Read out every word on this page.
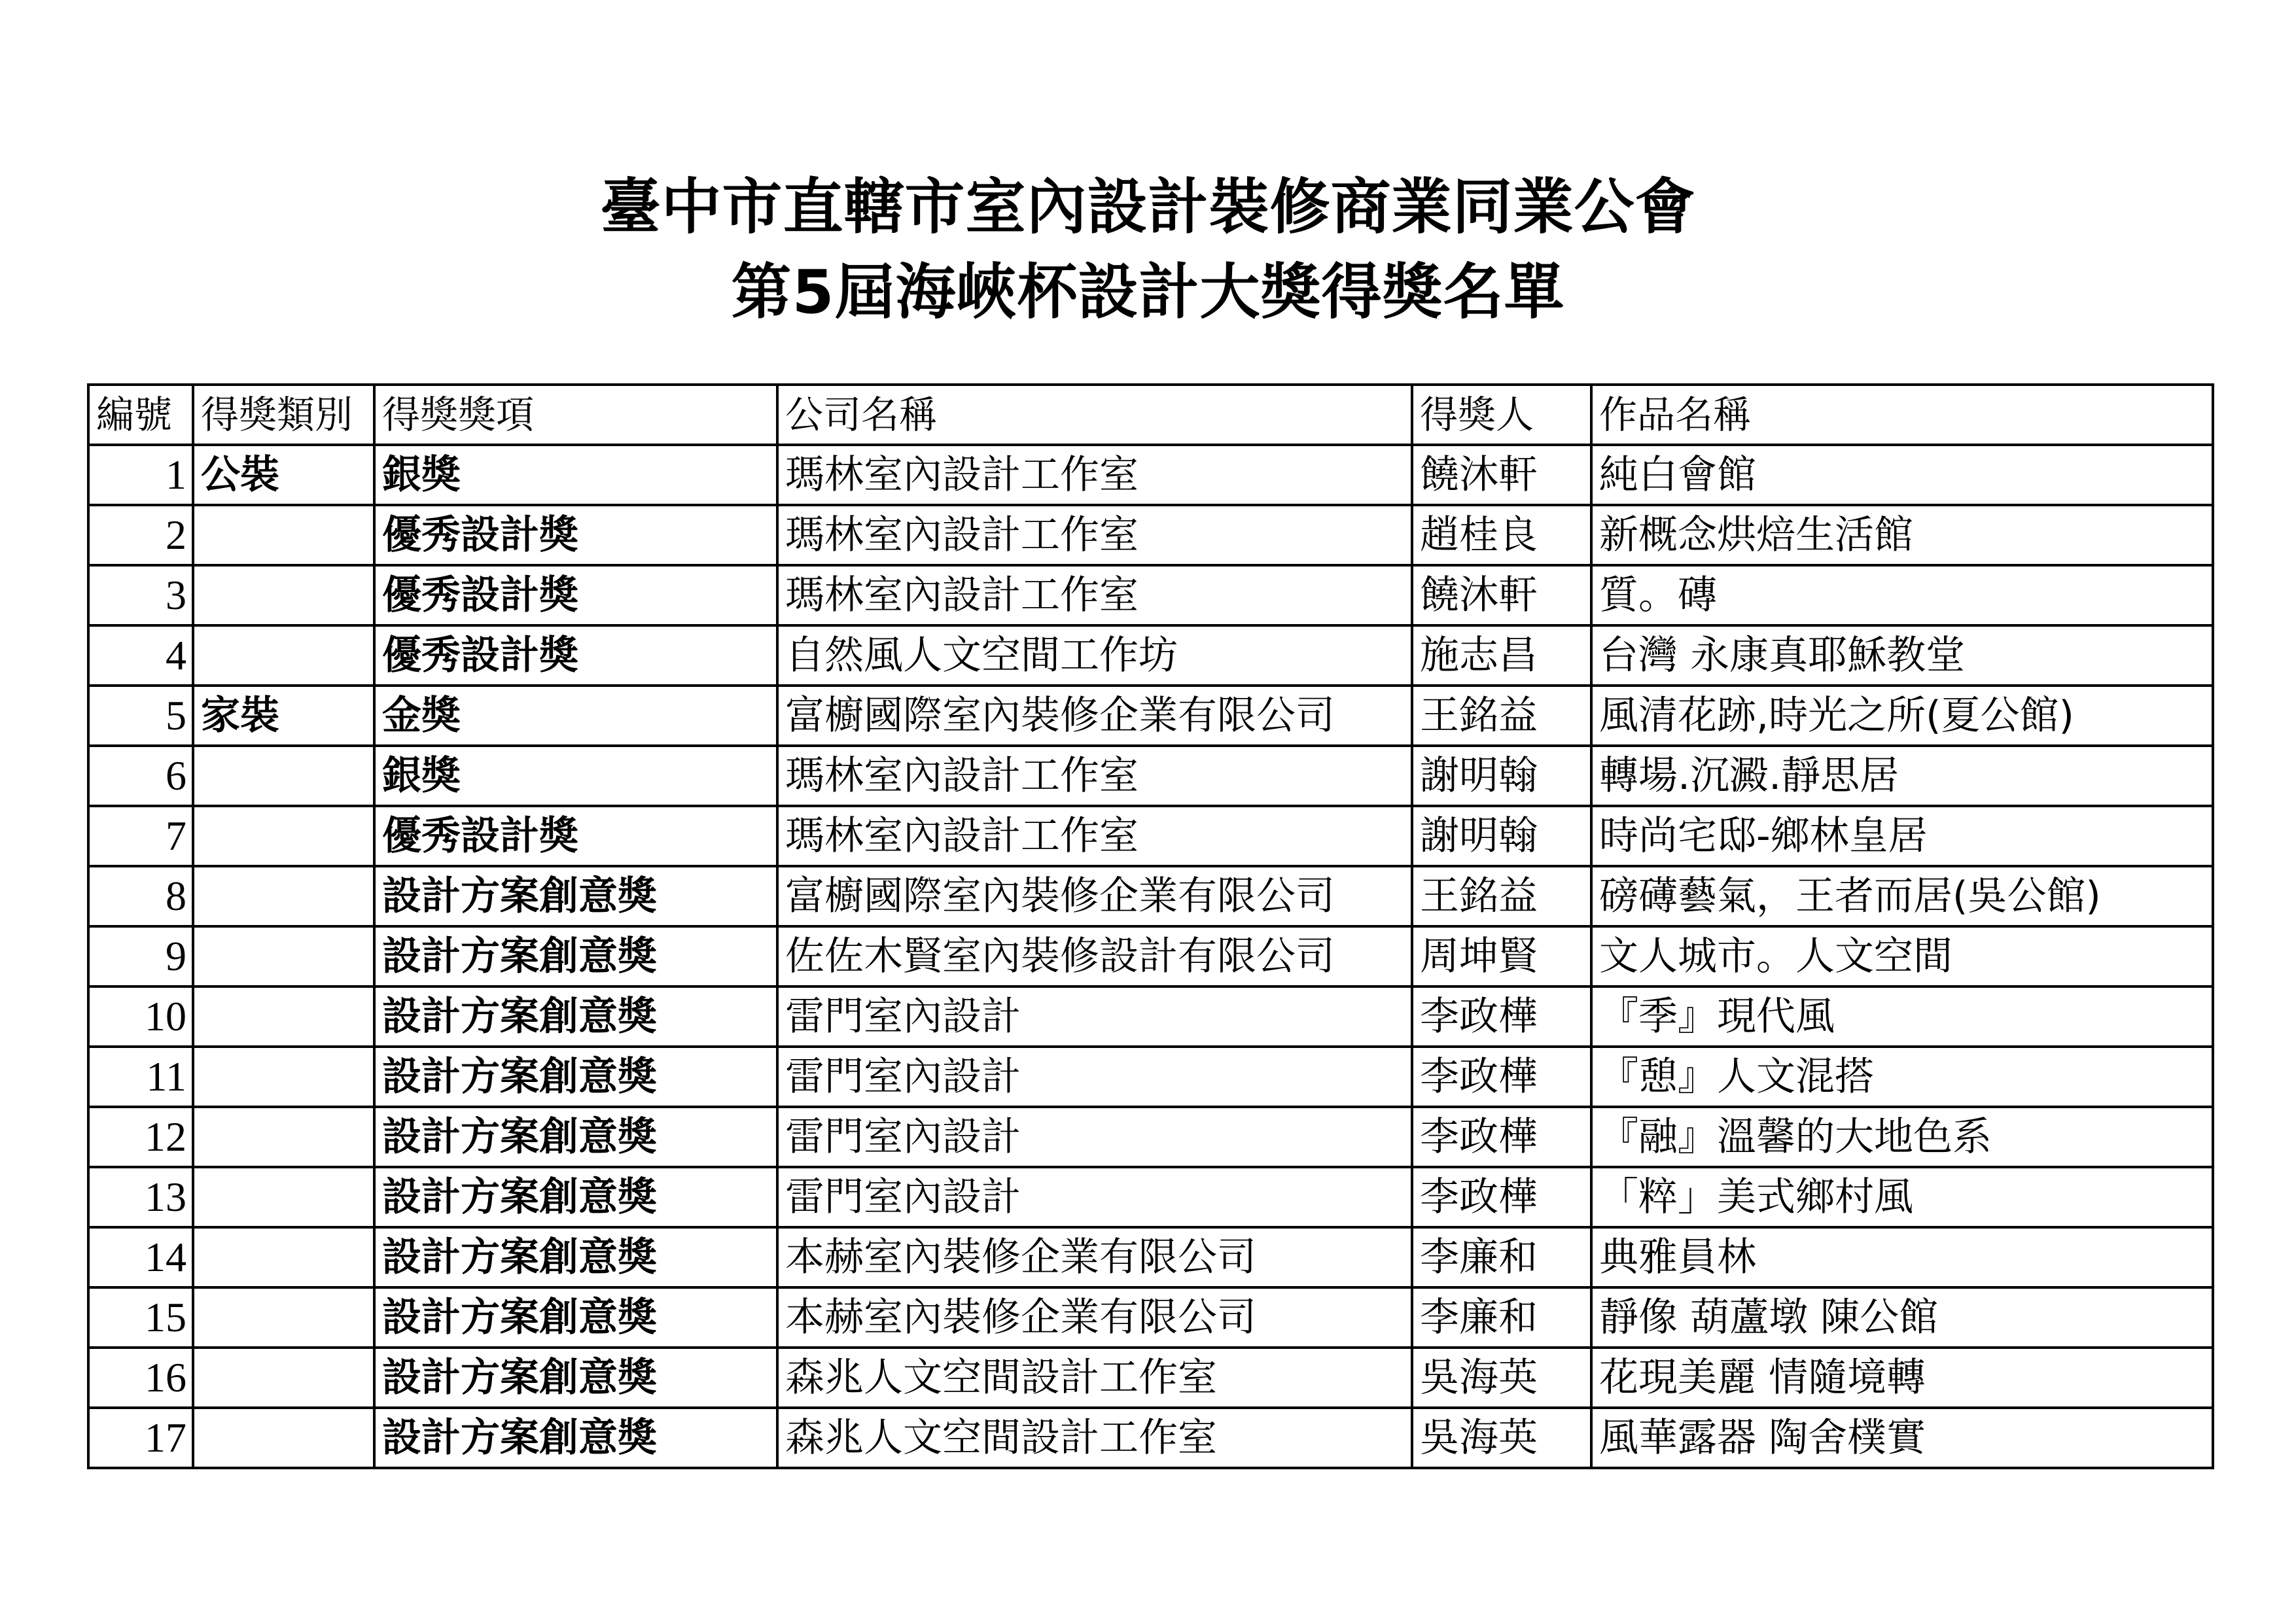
臺中市直轄市室內設計裝修商業同業公會
第5屆海峽杯設計大獎得獎名單
編號	得獎類別	得獎獎項	公司名稱	得獎人	作品名稱
1	公裝	銀獎	瑪林室內設計工作室	饒沐軒	純白會館
2		優秀設計獎	瑪林室內設計工作室	趙桂良	新概念烘焙生活館
3		優秀設計獎	瑪林室內設計工作室	饒沐軒	質。磚
4		優秀設計獎	自然風人文空間工作坊	施志昌	台灣 永康真耶穌教堂
5	家裝	金獎	富櫥國際室內裝修企業有限公司	王銘益	風清花跡,時光之所(夏公館)
6		銀獎	瑪林室內設計工作室	謝明翰	轉場.沉澱.靜思居
7		優秀設計獎	瑪林室內設計工作室	謝明翰	時尚宅邸-鄉林皇居
8		設計方案創意獎	富櫥國際室內裝修企業有限公司	王銘益	磅礡藝氣，王者而居(吳公館)
9		設計方案創意獎	佐佐木賢室內裝修設計有限公司	周坤賢	文人城市。人文空間
10		設計方案創意獎	雷門室內設計	李政樺	『季』現代風
11		設計方案創意獎	雷門室內設計	李政樺	『憩』人文混搭
12		設計方案創意獎	雷門室內設計	李政樺	『融』溫馨的大地色系
13		設計方案創意獎	雷門室內設計	李政樺	「粹」美式鄉村風
14		設計方案創意獎	本赫室內裝修企業有限公司	李廉和	典雅員林
15		設計方案創意獎	本赫室內裝修企業有限公司	李廉和	靜像 葫蘆墩 陳公館
16		設計方案創意獎	森兆人文空間設計工作室	吳海英	花現美麗 情隨境轉
17		設計方案創意獎	森兆人文空間設計工作室	吳海英	風華露器 陶舍樸實
